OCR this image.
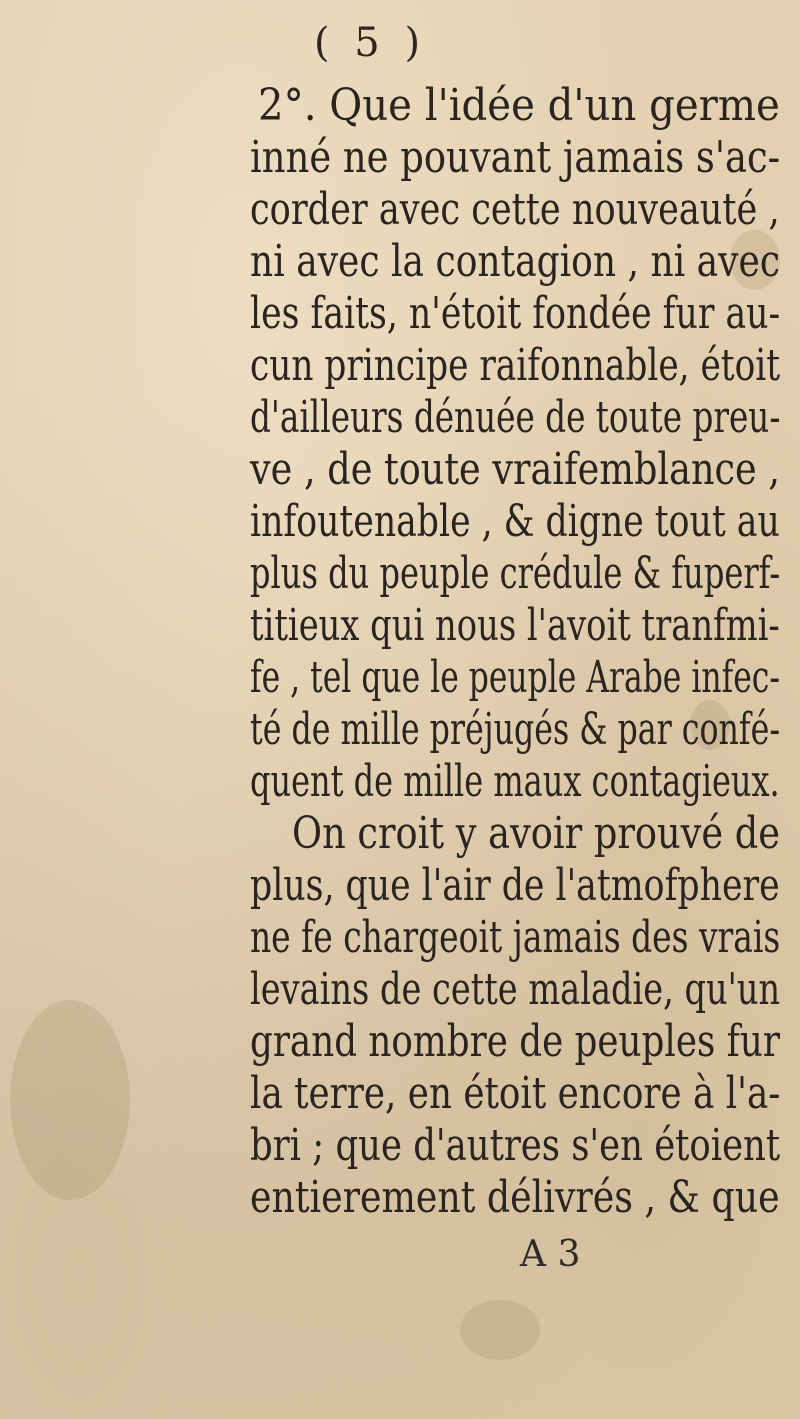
( 5 )
2°. Que l'idée d'un germe
inné ne pouvant jamais s'ac-
corder avec cette nouveauté ,
ni avec la contagion , ni avec
les faits, n'étoit fondée fur au-
cun principe raifonnable, étoit
d'ailleurs dénuée de toute preu-
ve , de toute vraifemblance ,
infoutenable , & digne tout au
plus du peuple crédule & fuperf-
titieux qui nous l'avoit tranfmi-
fe , tel que le peuple Arabe infec-
té de mille préjugés & par confé-
quent de mille maux contagieux.
On croit y avoir prouvé de
plus, que l'air de l'atmofphere
ne fe chargeoit jamais des vrais
levains de cette maladie, qu'un
grand nombre de peuples fur
la terre, en étoit encore à l'a-
bri ; que d'autres s'en étoient
entierement délivrés , & que
A 3
